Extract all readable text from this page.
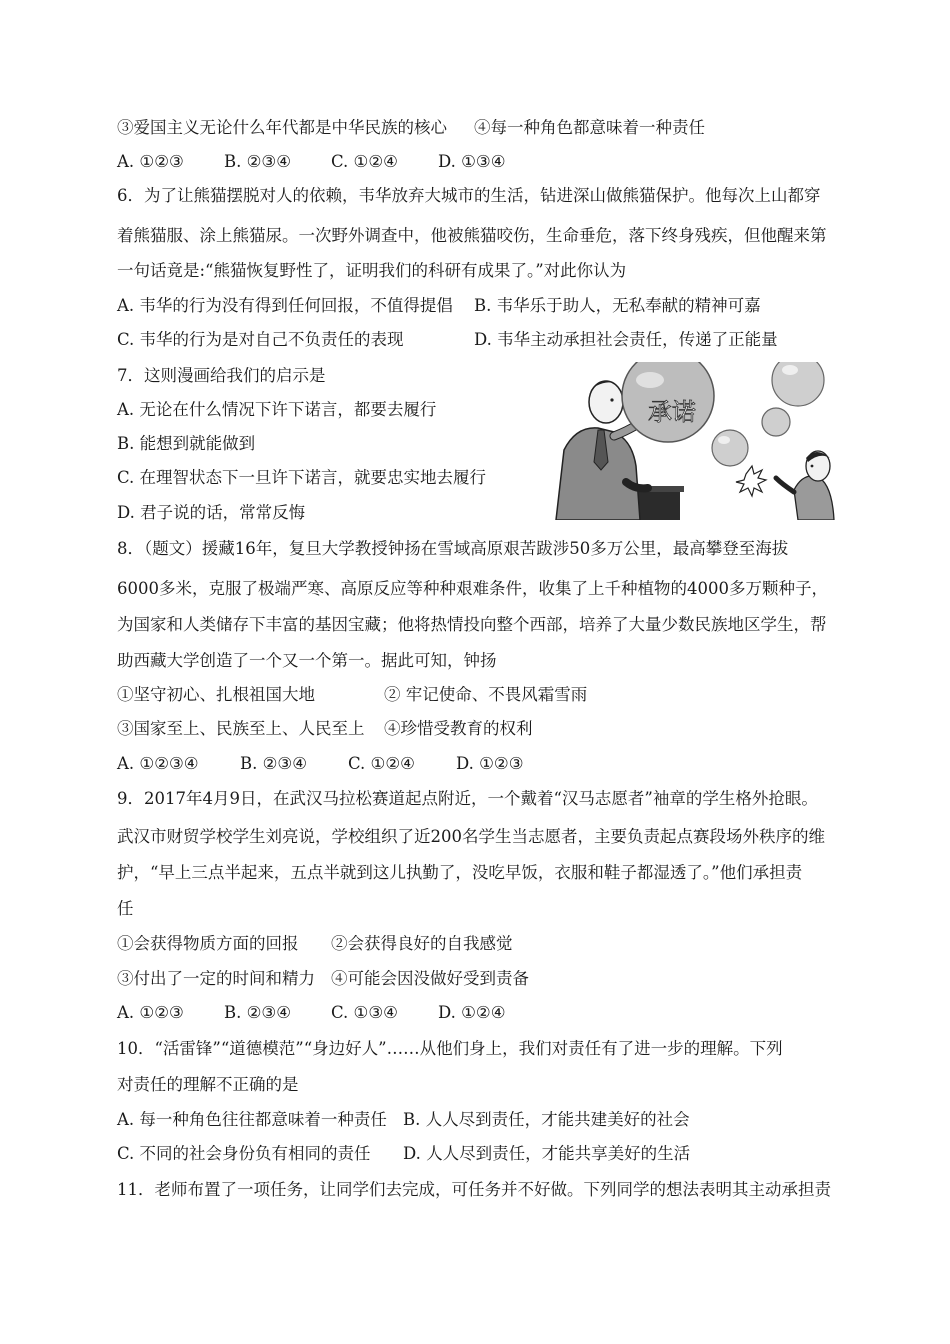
③爱国主义无论什么年代都是中华民族的核心 ④每一种角色都意味着一种责任
A. ①②③ B. ②③④ C. ①②④ D. ①③④
6．为了让熊猫摆脱对人的依赖，韦华放弃大城市的生活，钻进深山做熊猫保护。他每次上山都穿
着熊猫服、涂上熊猫尿。一次野外调查中，他被熊猫咬伤，生命垂危，落下终身残疾，但他醒来第
一句话竟是:“熊猫恢复野性了，证明我们的科研有成果了。”对此你认为
A. 韦华的行为没有得到任何回报，不值得提倡 B. 韦华乐于助人，无私奉献的精神可嘉
C. 韦华的行为是对自己不负责任的表现	D. 韦华主动承担社会责任，传递了正能量
7．这则漫画给我们的启示是
A. 无论在什么情况下许下诺言，都要去履行
B. 能想到就能做到
C. 在理智状态下一旦许下诺言，就要忠实地去履行
D. 君子说的话，常常反悔
承诺
8．（题文）援藏16年，复旦大学教授钟扬在雪域高原艰苦跋涉50多万公里，最高攀登至海拔
6000多米，克服了极端严寒、高原反应等种种艰难条件，收集了上千种植物的4000多万颗种子，
为国家和人类储存下丰富的基因宝藏；他将热情投向整个西部，培养了大量少数民族地区学生，帮
助西藏大学创造了一个又一个第一。据此可知，钟扬
①坚守初心、扎根祖国大地	② 牢记使命、不畏风霜雪雨
③国家至上、民族至上、人民至上 ④珍惜受教育的权利
A. ①②③④	B. ②③④ C. ①②④ D. ①②③
9．2017年4月9日，在武汉马拉松赛道起点附近，一个戴着“汉马志愿者”袖章的学生格外抢眼。
武汉市财贸学校学生刘亮说，学校组织了近200名学生当志愿者，主要负责起点赛段场外秩序的维
护，“早上三点半起来，五点半就到这儿执勤了，没吃早饭，衣服和鞋子都湿透了。”他们承担责
任
①会获得物质方面的回报 ②会获得良好的自我感觉
③付出了一定的时间和精力 ④可能会因没做好受到责备
A. ①②③ B. ②③④ C. ①③④ D. ①②④
10．“活雷锋”“道德模范”“身边好人”……从他们身上，我们对责任有了进一步的理解。下列
对责任的理解不正确的是
A. 每一种角色往往都意味着一种责任 B. 人人尽到责任，才能共建美好的社会
C. 不同的社会身份负有相同的责任 D. 人人尽到责任，才能共享美好的生活
11．老师布置了一项任务，让同学们去完成，可任务并不好做。下列同学的想法表明其主动承担责
